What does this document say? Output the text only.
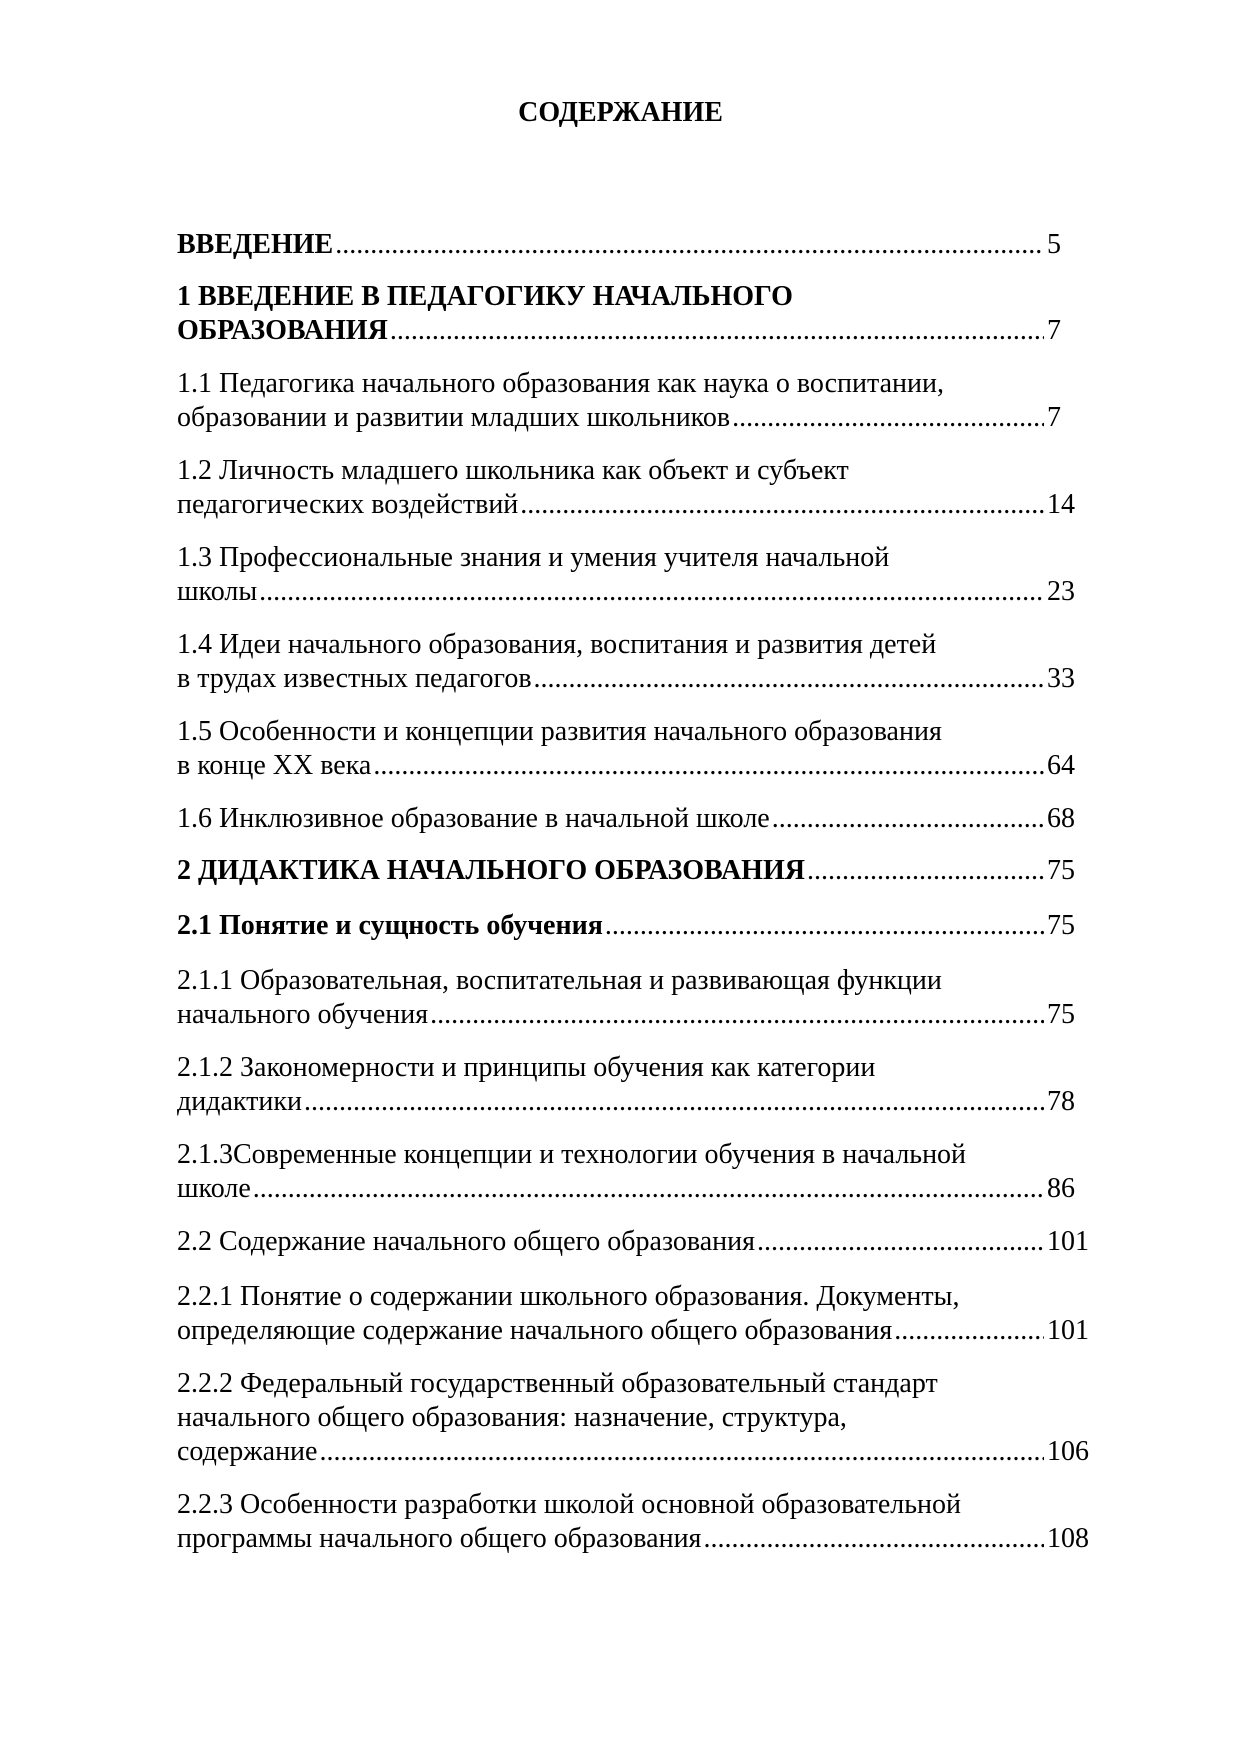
СОДЕРЖАНИЕ
ВВЕДЕНИЕ .....	5
1 ВВЕДЕНИЕ В ПЕДАГОГИКУ НАЧАЛЬНОГО
ОБРАЗОВАНИЯ .....	7
1.1 Педагогика начального образования как наука о воспитании,
образовании и развитии младших школьников .....	7
1.2 Личность младшего школьника как объект и субъект
педагогических воздействий .....	14
1.3 Профессиональные знания и умения учителя начальной
школы .....	23
1.4 Идеи начального образования, воспитания и развития детей
в трудах известных педагогов .....	33
1.5 Особенности и концепции развития начального образования
в конце XX века .....	64
1.6 Инклюзивное образование в начальной школе .....	68
2 ДИДАКТИКА НАЧАЛЬНОГО ОБРАЗОВАНИЯ .....	75
2.1 Понятие и сущность обучения .....	75
2.1.1 Образовательная, воспитательная и развивающая функции
начального обучения .....	75
2.1.2 Закономерности и принципы обучения как категории
дидактики .....	78
2.1.3Современные концепции и технологии обучения в начальной
школе .....	86
2.2 Содержание начального общего образования .....	101
2.2.1 Понятие о содержании школьного образования. Документы,
определяющие содержание начального общего образования .....	101
2.2.2 Федеральный государственный образовательный стандарт
начального общего образования: назначение, структура,
содержание .....	106
2.2.3 Особенности разработки школой основной образовательной
программы начального общего образования .....	108
